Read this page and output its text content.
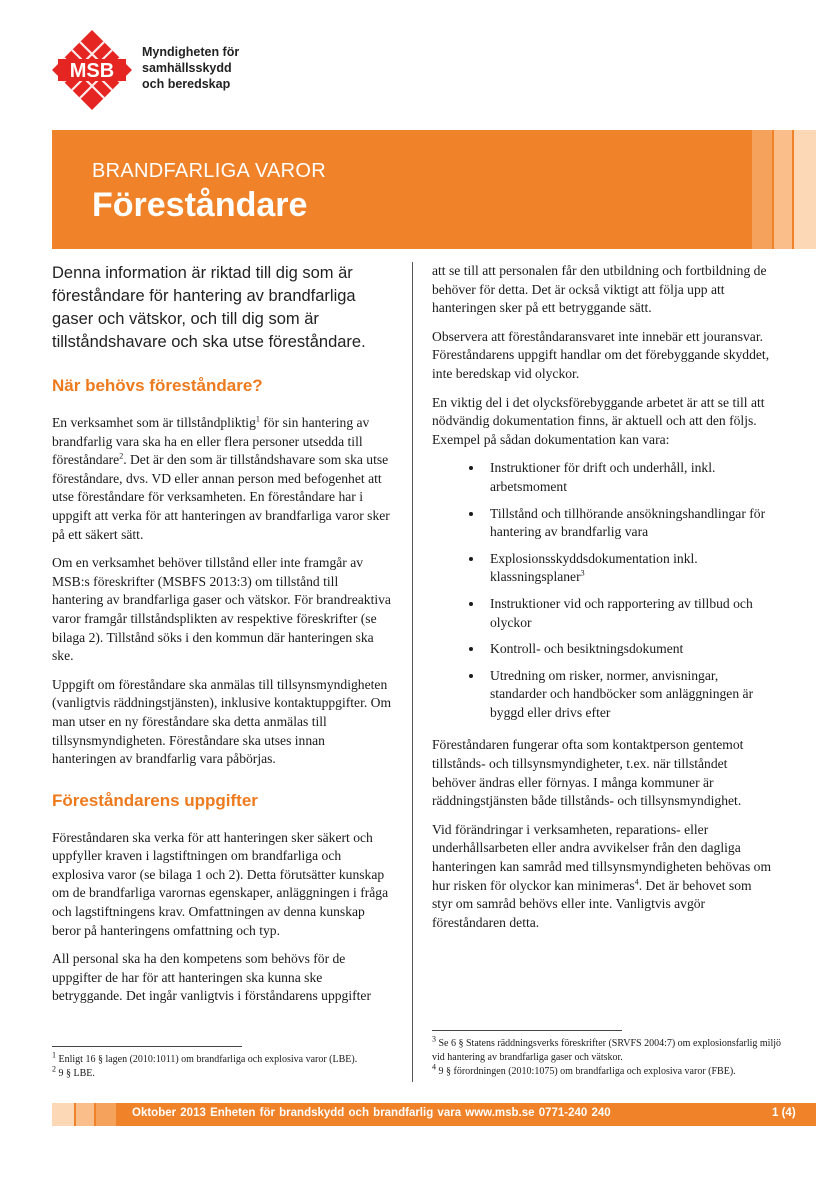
MSB
Myndigheten för
samhällsskydd
och beredskap
BRANDFARLIGA VAROR
Föreståndare
Denna information är riktad till dig som är föreståndare för hantering av brandfarliga gaser och vätskor, och till dig som är tillståndshavare och ska utse föreståndare.
När behövs föreståndare?

En verksamhet som är tillståndpliktig$^1$ för sin hantering av brandfarlig vara ska ha en eller flera personer utsedda till föreståndare$^2$. Det är den som är tillståndshavare som ska utse föreståndare, dvs. VD eller annan person med befogenhet att utse föreståndare för verksamheten. En föreståndare har i uppgift att verka för att hanteringen av brandfarliga varor sker på ett säkert sätt.

Om en verksamhet behöver tillstånd eller inte framgår av MSB:s föreskrifter (MSBFS 2013:3) om tillstånd till hantering av brandfarliga gaser och vätskor. För brandreaktiva varor framgår tillståndsplikten av respektive föreskrifter (se bilaga 2). Tillstånd söks i den kommun där hanteringen ska ske.

Uppgift om föreståndare ska anmälas till tillsynsmyndigheten (vanligtvis räddningstjänsten), inklusive kontaktuppgifter. Om man utser en ny föreståndare ska detta anmälas till tillsynsmyndigheten. Föreståndare ska utses innan hanteringen av brandfarlig vara påbörjas.

Föreståndarens uppgifter

Föreståndaren ska verka för att hanteringen sker säkert och uppfyller kraven i lagstiftningen om brandfarliga och explosiva varor (se bilaga 1 och 2). Detta förutsätter kunskap om de brandfarliga varornas egenskaper, anläggningen i fråga och lagstiftningens krav. Omfattningen av denna kunskap beror på hanteringens omfattning och typ.

All personal ska ha den kompetens som behövs för de uppgifter de har för att hanteringen ska kunna ske betryggande. Det ingår vanligtvis i förståndarens uppgifter

$^1$ Enligt 16 § lagen (2010:1011) om brandfarliga och explosiva varor (LBE).

$^2$ 9 § LBE.

att se till att personalen får den utbildning och fortbildning de behöver för detta. Det är också viktigt att följa upp att hanteringen sker på ett betryggande sätt.

Observera att föreståndaransvaret inte innebär ett jouransvar. Föreståndarens uppgift handlar om det förebyggande skyddet, inte beredskap vid olyckor.

En viktig del i det olycksförebyggande arbetet är att se till att nödvändig dokumentation finns, är aktuell och att den följs. Exempel på sådan dokumentation kan vara:

• Instruktioner för drift och underhåll, inkl. arbetsmoment
• Tillstånd och tillhörande ansökningshandlingar för hantering av brandfarlig vara
• Explosionsskyddsdokumentation inkl. klassningsplaner$^3$
• Instruktioner vid och rapportering av tillbud och olyckor
• Kontroll- och besiktningsdokument
• Utredning om risker, normer, anvisningar, standarder och handböcker som anläggningen är byggd eller drivs efter

Föreståndaren fungerar ofta som kontaktperson gentemot tillstånds- och tillsynsmyndigheter, t.ex. när tillståndet behöver ändras eller förnyas. I många kommuner är räddningstjänsten både tillstånds- och tillsynsmyndighet.

Vid förändringar i verksamheten, reparations- eller underhållsarbeten eller andra avvikelser från den dagliga hanteringen kan samråd med tillsynsmyndigheten behövas om hur risken för olyckor kan minimeras$^4$. Det är behovet som styr om samråd behövs eller inte. Vanligtvis avgör föreståndaren detta.

$^3$ Se 6 § Statens räddningsverks föreskrifter (SRVFS 2004:7) om explosionsfarlig miljö vid hantering av brandfarliga gaser och vätskor.

$^4$ 9 § förordningen (2010:1075) om brandfarliga och explosiva varor (FBE).

Oktober 2013 Enheten för brandskydd och brandfarlig vara www.msb.se 0771-240 240	1 (4)
